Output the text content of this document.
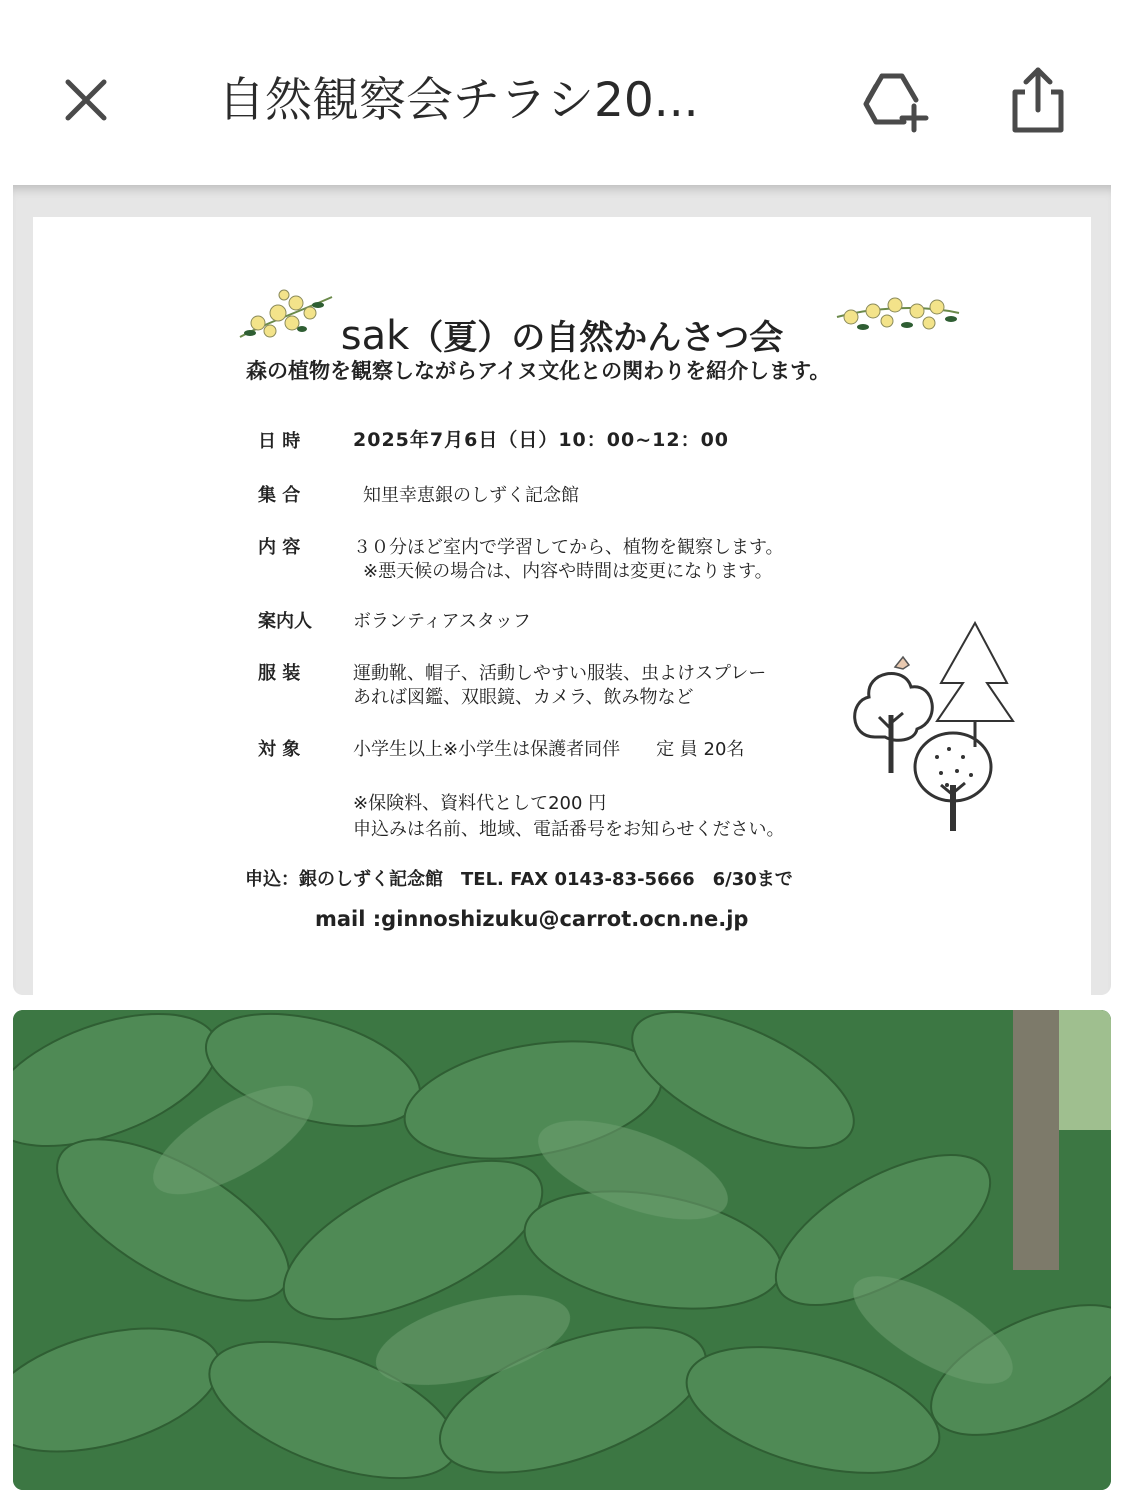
自然観察会チラシ20...
sak（夏）の自然かんさつ会
森の植物を観察しながらアイヌ文化との関わりを紹介します。
日 時	2025年7月6日（日）10：00~12：00
集 合	知里幸恵銀のしずく記念館
内 容	３０分ほど室内で学習してから、植物を観察します。
※悪天候の場合は、内容や時間は変更になります。
案内人 ボランティアスタッフ
服 装	運動靴、帽子、活動しやすい服装、虫よけスプレー
あれば図鑑、双眼鏡、カメラ、飲み物など
対 象	小学生以上※小学生は保護者同伴　　定 員 20名
※保険料、資料代として200 円
申込みは名前、地域、電話番号をお知らせください。
申込：銀のしずく記念館　TEL. FAX 0143-83-5666　6/30まで
mail :ginnoshizuku@carrot.ocn.ne.jp
